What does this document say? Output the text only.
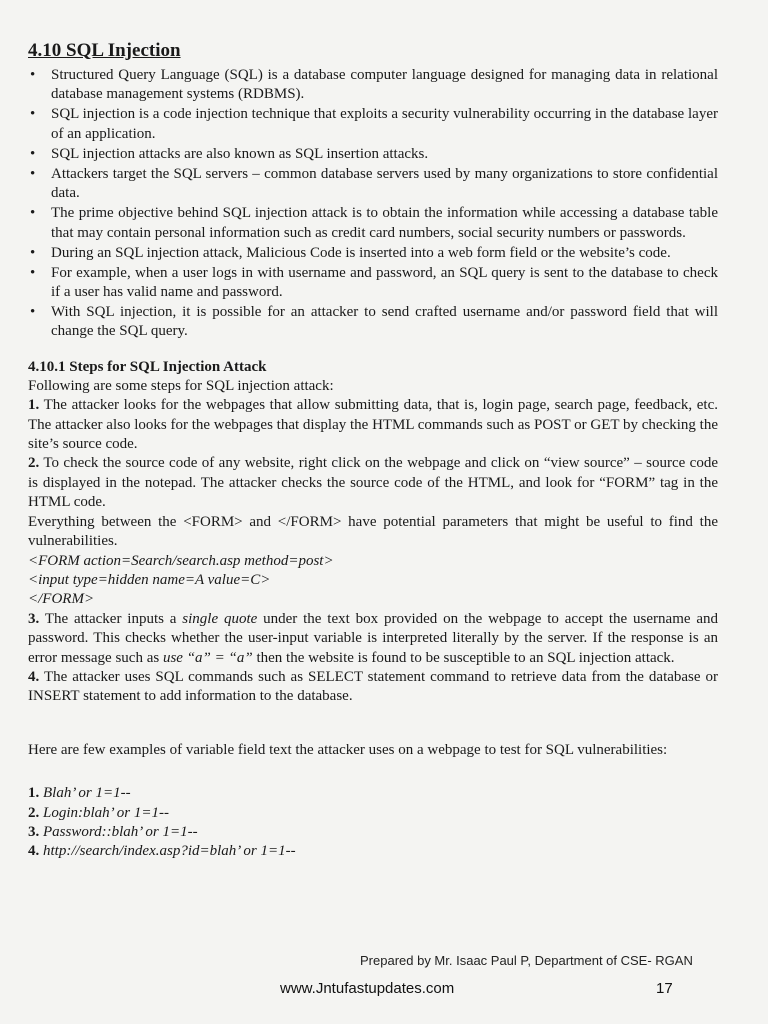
4.10 SQL Injection
• Structured Query Language (SQL) is a database computer language designed for managing data in relational database management systems (RDBMS).
• SQL injection is a code injection technique that exploits a security vulnerability occurring in the database layer of an application.
• SQL injection attacks are also known as SQL insertion attacks.
• Attackers target the SQL servers – common database servers used by many organizations to store confidential data.
• The prime objective behind SQL injection attack is to obtain the information while accessing a database table that may contain personal information such as credit card numbers, social security numbers or passwords.
• During an SQL injection attack, Malicious Code is inserted into a web form field or the website’s code.
• For example, when a user logs in with username and password, an SQL query is sent to the database to check if a user has valid name and password.
• With SQL injection, it is possible for an attacker to send crafted username and/or password field that will change the SQL query.
4.10.1 Steps for SQL Injection Attack

Following are some steps for SQL injection attack:

1. The attacker looks for the webpages that allow submitting data, that is, login page, search page, feedback, etc. The attacker also looks for the webpages that display the HTML commands such as POST or GET by checking the site’s source code.

2. To check the source code of any website, right click on the webpage and click on “view source” – source code is displayed in the notepad. The attacker checks the source code of the HTML, and look for “FORM” tag in the HTML code.

Everything between the <FORM> and </FORM> have potential parameters that might be useful to find the vulnerabilities.

<FORM action=Search/search.asp method=post>

<input type=hidden name=A value=C>

</FORM>

3. The attacker inputs a single quote under the text box provided on the webpage to accept the username and password. This checks whether the user-input variable is interpreted literally by the server. If the response is an error message such as use “a” = “a” then the website is found to be susceptible to an SQL injection attack.

4. The attacker uses SQL commands such as SELECT statement command to retrieve data from the database or INSERT statement to add information to the database.

Here are few examples of variable field text the attacker uses on a webpage to test for SQL vulnerabilities:

1. Blah’ or 1=1--
2. Login:blah’ or 1=1--
3. Password::blah’ or 1=1--
4. http://search/index.asp?id=blah’ or 1=1--
Prepared by Mr. Isaac Paul P, Department of CSE- RGAN
www.Jntufastupdates.com	17
